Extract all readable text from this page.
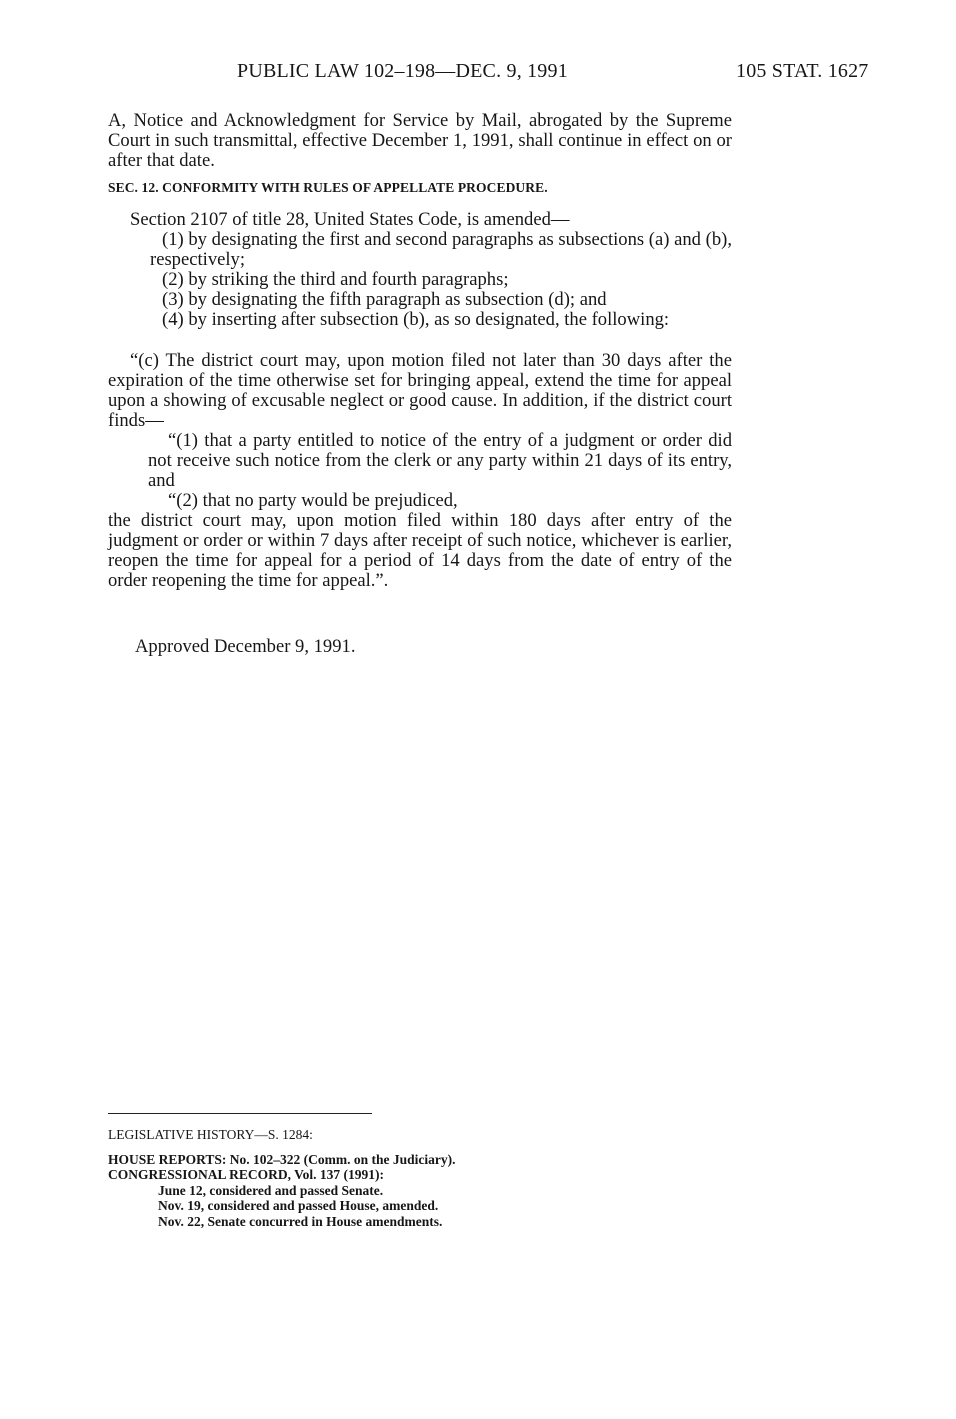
PUBLIC LAW 102–198—DEC. 9, 1991	105 STAT. 1627
A, Notice and Acknowledgment for Service by Mail, abrogated by the Supreme Court in such transmittal, effective December 1, 1991, shall continue in effect on or after that date.
SEC. 12. CONFORMITY WITH RULES OF APPELLATE PROCEDURE.
Section 2107 of title 28, United States Code, is amended—

(1) by designating the first and second paragraphs as subsections (a) and (b), respectively;

(2) by striking the third and fourth paragraphs;

(3) by designating the fifth paragraph as subsection (d); and

(4) by inserting after subsection (b), as so designated, the following:

“(c) The district court may, upon motion filed not later than 30 days after the expiration of the time otherwise set for bringing appeal, extend the time for appeal upon a showing of excusable neglect or good cause. In addition, if the district court finds—

“(1) that a party entitled to notice of the entry of a judgment or order did not receive such notice from the clerk or any party within 21 days of its entry, and

“(2) that no party would be prejudiced,

the district court may, upon motion filed within 180 days after entry of the judgment or order or within 7 days after receipt of such notice, whichever is earlier, reopen the time for appeal for a period of 14 days from the date of entry of the order reopening the time for appeal.”.

Approved December 9, 1991.
LEGISLATIVE HISTORY—S. 1284:
HOUSE REPORTS: No. 102–322 (Comm. on the Judiciary).
CONGRESSIONAL RECORD, Vol. 137 (1991):
June 12, considered and passed Senate.
Nov. 19, considered and passed House, amended.
Nov. 22, Senate concurred in House amendments.
